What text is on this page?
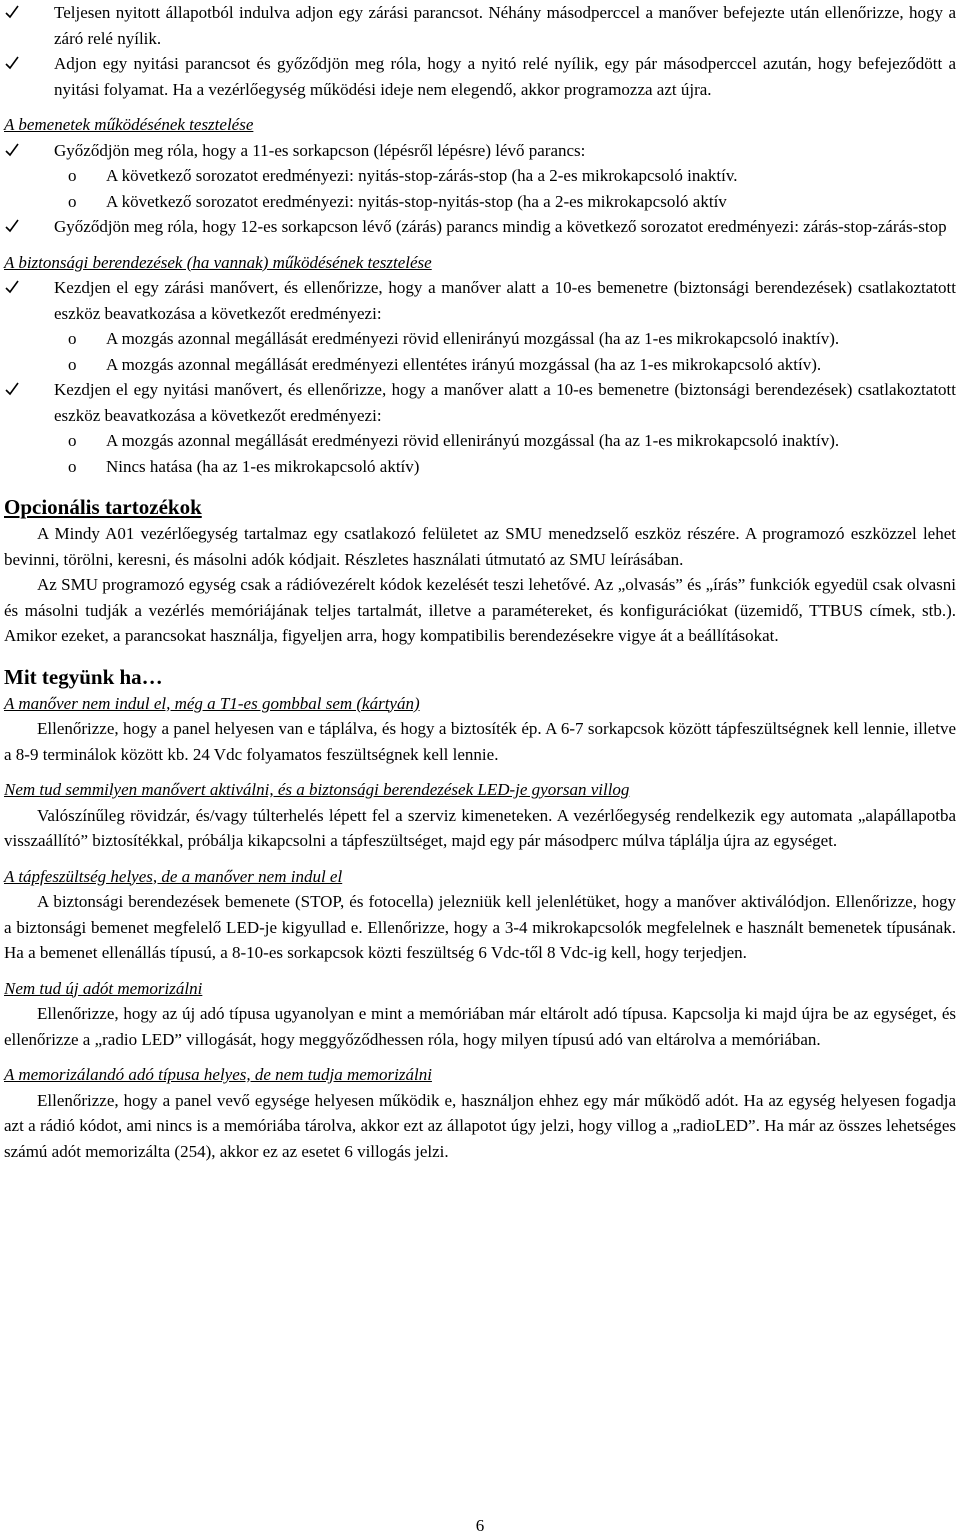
Teljesen nyitott állapotból indulva adjon egy zárási parancsot. Néhány másodperccel a manőver befejezte után ellenőrizze, hogy a záró relé nyílik.
Adjon egy nyitási parancsot és győződjön meg róla, hogy a nyitó relé nyílik, egy pár másodperccel azután, hogy befejeződött a nyitási folyamat. Ha a vezérlőegység működési ideje nem elegendő, akkor programozza azt újra.
A bemenetek működésének tesztelése
Győződjön meg róla, hogy a 11-es sorkapcson (lépésről lépésre) lévő parancs:
o A következő sorozatot eredményezi: nyitás-stop-zárás-stop (ha a 2-es mikrokapcsoló inaktív.
o A következő sorozatot eredményezi: nyitás-stop-nyitás-stop (ha a 2-es mikrokapcsoló aktív
Győződjön meg róla, hogy 12-es sorkapcson lévő (zárás) parancs mindig a következő sorozatot eredményezi: zárás-stop-zárás-stop
A biztonsági berendezések (ha vannak) működésének tesztelése
Kezdjen el egy zárási manővert, és ellenőrizze, hogy a manőver alatt a 10-es bemenetre (biztonsági berendezések) csatlakoztatott eszköz beavatkozása a következőt eredményezi:
o A mozgás azonnal megállását eredményezi rövid ellenirányú mozgással (ha az 1-es mikrokapcsoló inaktív).
o A mozgás azonnal megállását eredményezi ellentétes irányú mozgással (ha az 1-es mikrokapcsoló aktív).
Kezdjen el egy nyitási manővert, és ellenőrizze, hogy a manőver alatt a 10-es bemenetre (biztonsági berendezések) csatlakoztatott eszköz beavatkozása a következőt eredményezi:
o A mozgás azonnal megállását eredményezi rövid ellenirányú mozgással (ha az 1-es mikrokapcsoló inaktív).
o Nincs hatása (ha az 1-es mikrokapcsoló aktív)
Opcionális tartozékok
A Mindy A01 vezérlőegység tartalmaz egy csatlakozó felületet az SMU menedzselő eszköz részére. A programozó eszközzel lehet bevinni, törölni, keresni, és másolni adók kódjait. Részletes használati útmutató az SMU leírásában.
Az SMU programozó egység csak a rádióvezérelt kódok kezelését teszi lehetővé. Az „olvasás” és „írás” funkciók egyedül csak olvasni és másolni tudják a vezérlés memóriájának teljes tartalmát, illetve a paramétereket, és konfigurációkat (üzemidő, TTBUS címek, stb.). Amikor ezeket, a parancsokat használja, figyeljen arra, hogy kompatibilis berendezésekre vigye át a beállításokat.
Mit tegyünk ha…
A manőver nem indul el, még a T1-es gombbal sem (kártyán)
Ellenőrizze, hogy a panel helyesen van e táplálva, és hogy a biztosíték ép. A 6-7 sorkapcsok között tápfeszültségnek kell lennie, illetve a 8-9 terminálok között kb. 24 Vdc folyamatos feszültségnek kell lennie.
Nem tud semmilyen manővert aktiválni, és a biztonsági berendezések LED-je gyorsan villog
Valószínűleg rövidzár, és/vagy túlterhelés lépett fel a szerviz kimeneteken. A vezérlőegység rendelkezik egy automata „alapállapotba visszaállító” biztosítékkal, próbálja kikapcsolni a tápfeszültséget, majd egy pár másodperc múlva táplálja újra az egységet.
A tápfeszültség helyes, de a manőver nem indul el
A biztonsági berendezések bemenete (STOP, és fotocella) jelezniük kell jelenlétüket, hogy a manőver aktiválódjon. Ellenőrizze, hogy a biztonsági bemenet megfelelő LED-je kigyullad e. Ellenőrizze, hogy a 3-4 mikrokapcsolók megfelelnek e használt bemenetek típusának. Ha a bemenet ellenállás típusú, a 8-10-es sorkapcsok közti feszültség 6 Vdc-től 8 Vdc-ig kell, hogy terjedjen.
Nem tud új adót memorizálni
Ellenőrizze, hogy az új adó típusa ugyanolyan e mint a memóriában már eltárolt adó típusa. Kapcsolja ki majd újra be az egységet, és ellenőrizze a „radio LED” villogását, hogy meggyőződhessen róla, hogy milyen típusú adó van eltárolva a memóriában.
A memorizálandó adó típusa helyes, de nem tudja memorizálni
Ellenőrizze, hogy a panel vevő egysége helyesen működik e, használjon ehhez egy már működő adót. Ha az egység helyesen fogadja azt a rádió kódot, ami nincs is a memóriába tárolva, akkor ezt az állapotot úgy jelzi, hogy villog a „radioLED”. Ha már az összes lehetséges számú adót memorizálta (254), akkor ez az esetet 6 villogás jelzi.
6
